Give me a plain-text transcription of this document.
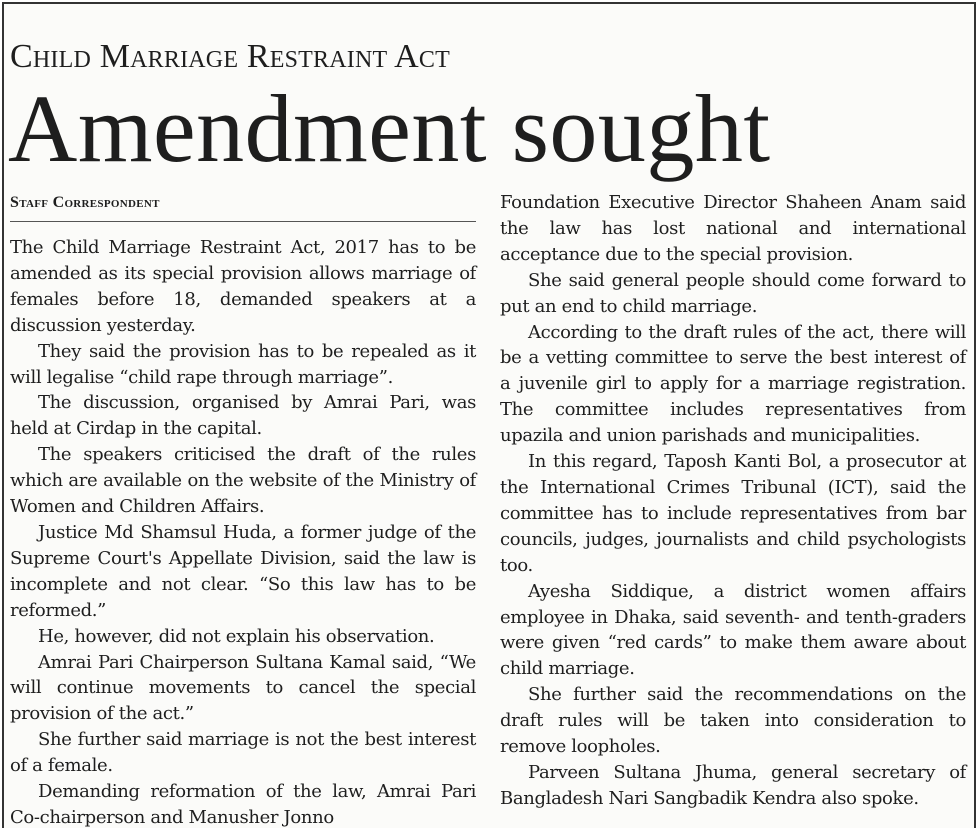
Child Marriage Restraint Act
Amendment sought
Staff Correspondent

The Child Marriage Restraint Act, 2017 has to be amended as its special provision allows marriage of females before 18, demanded speakers at a discussion yesterday.

They said the provision has to be repealed as it will legalise “child rape through marriage”.

The discussion, organised by Amrai Pari, was held at Cirdap in the capital.

The speakers criticised the draft of the rules which are available on the website of the Ministry of Women and Children Affairs.

Justice Md Shamsul Huda, a former judge of the Supreme Court's Appellate Division, said the law is incomplete and not clear. “So this law has to be reformed.”

He, however, did not explain his observation.

Amrai Pari Chairperson Sultana Kamal said, “We will continue movements to cancel the special provision of the act.”

She further said marriage is not the best interest of a female.

Demanding reformation of the law, Amrai Pari Co-chairperson and Manusher Jonno

Foundation Executive Director Shaheen Anam said the law has lost national and international acceptance due to the special provision.

She said general people should come forward to put an end to child marriage.

According to the draft rules of the act, there will be a vetting committee to serve the best interest of a juvenile girl to apply for a marriage registration. The committee includes representatives from upazila and union parishads and municipalities.

In this regard, Taposh Kanti Bol, a prosecutor at the International Crimes Tribunal (ICT), said the committee has to include representatives from bar councils, judges, journalists and child psychologists too.

Ayesha Siddique, a district women affairs employee in Dhaka, said seventh- and tenth-graders were given “red cards” to make them aware about child marriage.

She further said the recommendations on the draft rules will be taken into consideration to remove loopholes.

Parveen Sultana Jhuma, general secretary of Bangladesh Nari Sangbadik Kendra also spoke.
